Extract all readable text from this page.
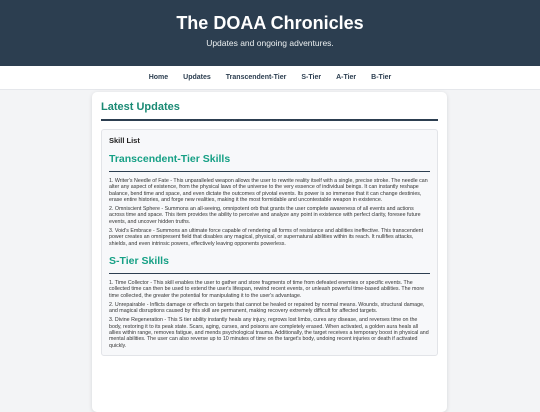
The DOAA Chronicles
Updates and ongoing adventures.
Home Updates Transcendent-Tier S-Tier A-Tier B-Tier
Latest Updates
Skill List
Transcendent-Tier Skills

1. Writer's Needle of Fate - This unparalleled weapon allows the user to rewrite reality itself with a single, precise stroke. The needle can alter any aspect of existence, from the physical laws of the universe to the very essence of individual beings. It can instantly reshape balance, bend time and space, and even dictate the outcomes of pivotal events. Its power is so immense that it can change destinies, erase entire histories, and forge new realities, making it the most formidable and uncontestable weapon in existence.

2. Omniscient Sphere - Summons an all-seeing, omnipotent orb that grants the user complete awareness of all events and actions across time and space. This item provides the ability to perceive and analyze any point in existence with perfect clarity, foresee future events, and uncover hidden truths.

3. Void's Embrace - Summons an ultimate force capable of rendering all forms of resistance and abilities ineffective. This transcendent power creates an omnipresent field that disables any magical, physical, or supernatural abilities within its reach. It nullifies attacks, shields, and even intrinsic powers, effectively leaving opponents powerless.

S-Tier Skills

1. Time Collector - This skill enables the user to gather and store fragments of time from defeated enemies or specific events. The collected time can then be used to extend the user's lifespan, rewind recent events, or unleash powerful time-based abilities. The more time collected, the greater the potential for manipulating it to the user's advantage.

2. Unrepairable - Inflicts damage or effects on targets that cannot be healed or repaired by normal means. Wounds, structural damage, and magical disruptions caused by this skill are permanent, making recovery extremely difficult for affected targets.

3. Divine Regeneration - This S tier ability instantly heals any injury, regrows lost limbs, cures any disease, and reverses time on the body, restoring it to its peak state. Scars, aging, curses, and poisons are completely erased. When activated, a golden aura heals all allies within range, removes fatigue, and mends psychological trauma. Additionally, the target receives a temporary boost in physical and mental abilities. The user can also reverse up to 10 minutes of time on the target's body, undoing recent injuries or death if activated quickly.
